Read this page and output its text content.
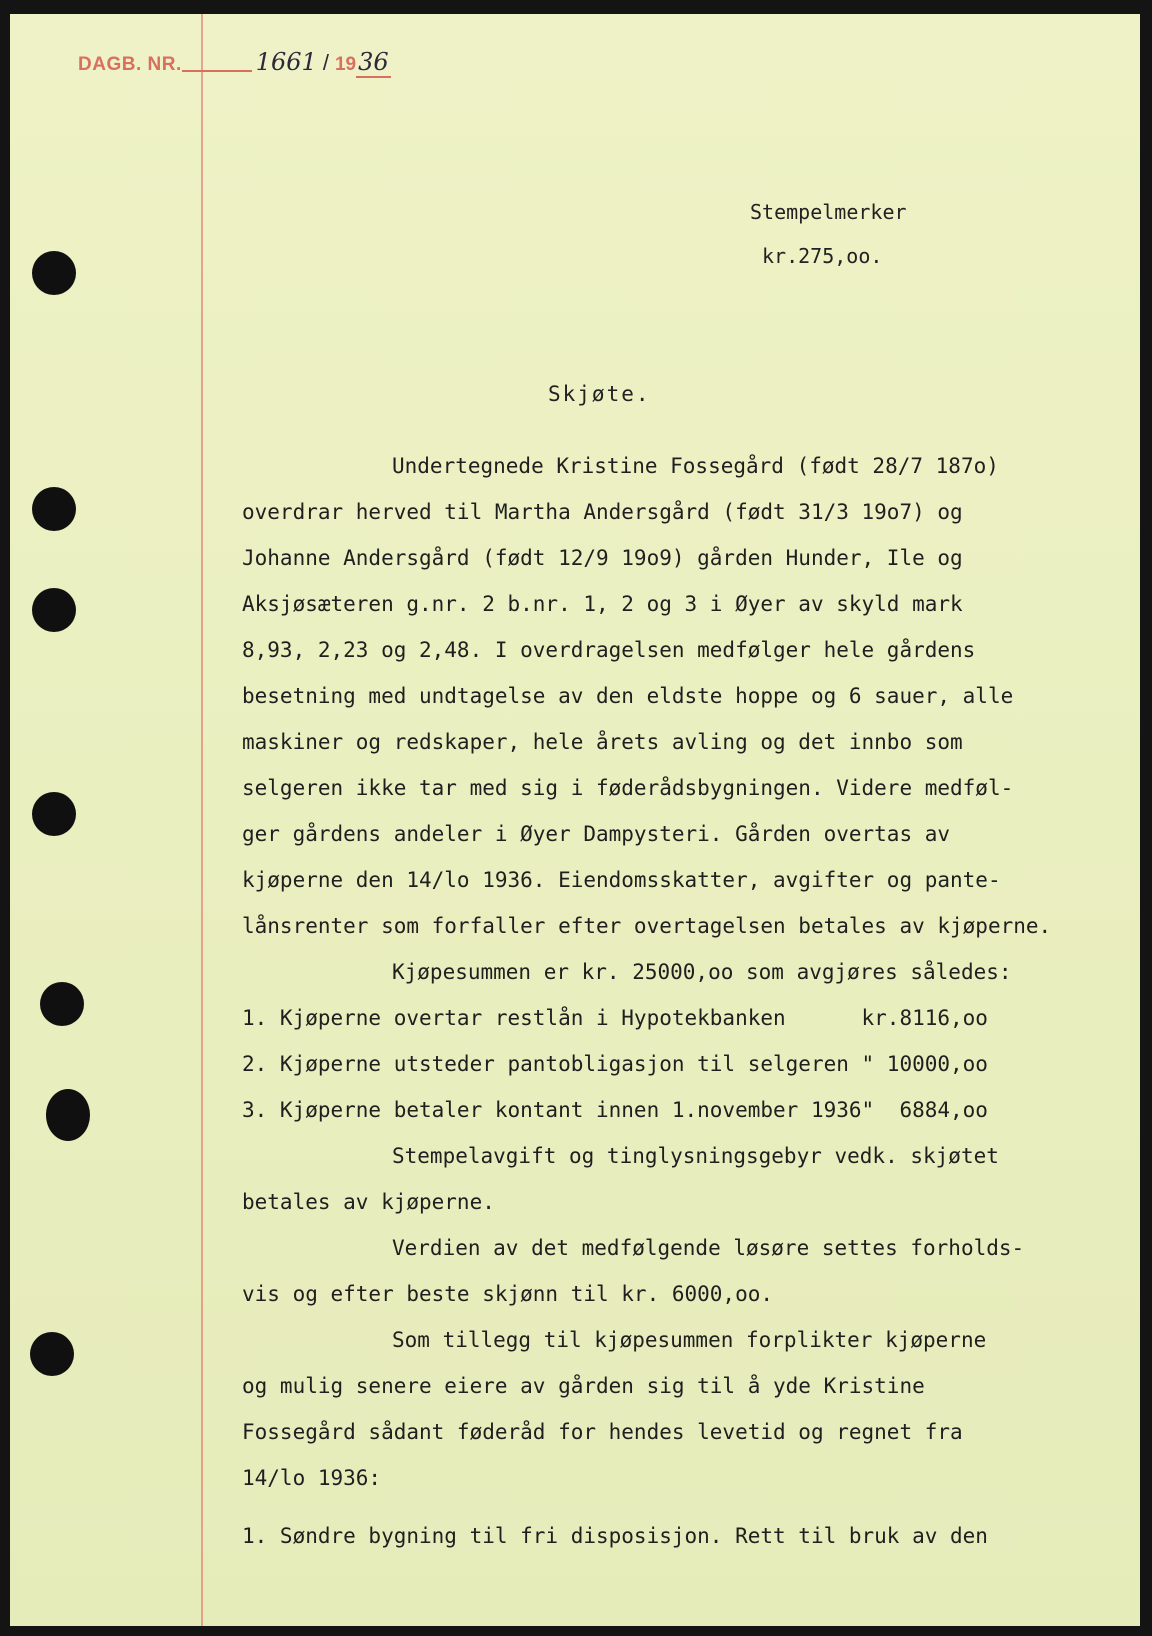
DAGB. NR.	1661 / 19 36
Stempelmerker
kr.275,oo.
Skjøte.
Undertegnede Kristine Fossegård (født 28/7 187o)
overdrar herved til Martha Andersgård (født 31/3 19o7) og
Johanne Andersgård (født 12/9 19o9) gården Hunder, Ile og
Aksjøsæteren g.nr. 2 b.nr. 1, 2 og 3 i Øyer av skyld mark
8,93, 2,23 og 2,48. I overdragelsen medfølger hele gårdens
besetning med undtagelse av den eldste hoppe og 6 sauer, alle
maskiner og redskaper, hele årets avling og det innbo som
selgeren ikke tar med sig i føderådsbygningen. Videre medføl-
ger gårdens andeler i Øyer Dampysteri. Gården overtas av
kjøperne den 14/lo 1936. Eiendomsskatter, avgifter og pante-
lånsrenter som forfaller efter overtagelsen betales av kjøperne.
Kjøpesummen er kr. 25000,oo som avgjøres således:
1. Kjøperne overtar restlån i Hypotekbanken      kr.8116,oo
2. Kjøperne utsteder pantobligasjon til selgeren " 10000,oo
3. Kjøperne betaler kontant innen 1.november 1936"  6884,oo
Stempelavgift og tinglysningsgebyr vedk. skjøtet
betales av kjøperne.
Verdien av det medfølgende løsøre settes forholds-
vis og efter beste skjønn til kr. 6000,oo.
Som tillegg til kjøpesummen forplikter kjøperne
og mulig senere eiere av gården sig til å yde Kristine
Fossegård sådant føderåd for hendes levetid og regnet fra
14/lo 1936:
1. Søndre bygning til fri disposisjon. Rett til bruk av den
